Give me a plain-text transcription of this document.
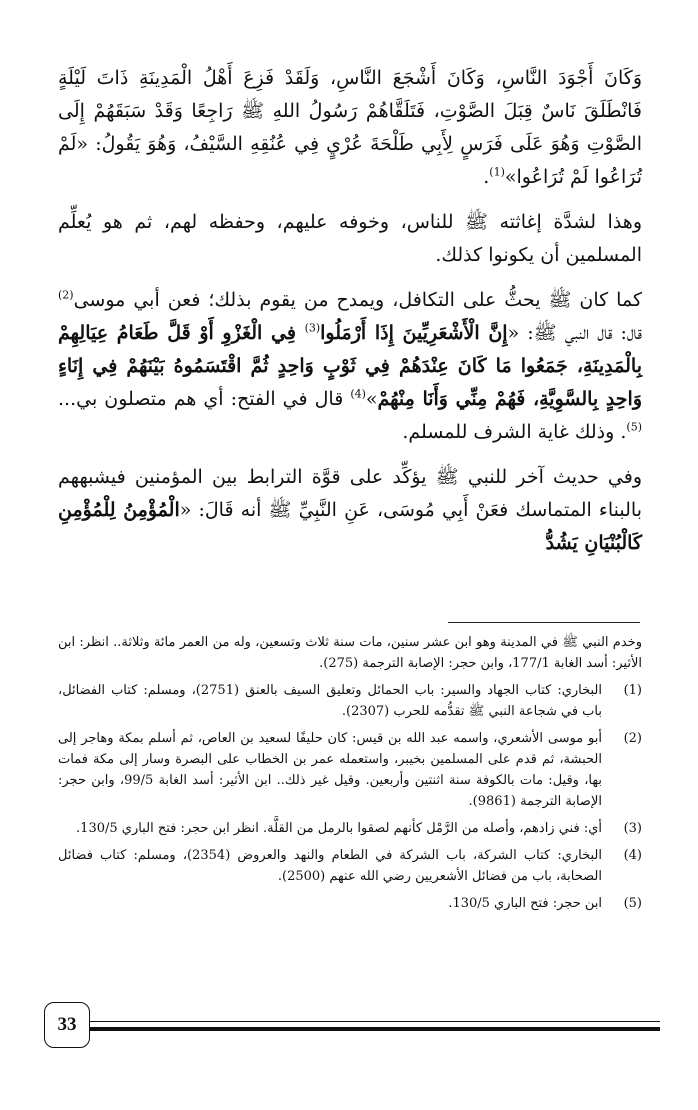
وَكَانَ أَجْوَدَ النَّاسِ، وَكَانَ أَشْجَعَ النَّاسِ، وَلَقَدْ فَزِعَ أَهْلُ الْمَدِينَةِ ذَاتَ لَيْلَةٍ فَانْطَلَقَ نَاسٌ قِبَلَ الصَّوْتِ، فَتَلَقَّاهُمْ رَسُولُ اللهِ ﷺ رَاجِعًا وَقَدْ سَبَقَهُمْ إِلَى الصَّوْتِ وَهُوَ عَلَى فَرَسٍ لِأَبِي طَلْحَةَ عُرْيٍ فِي عُنُقِهِ السَّيْفُ، وَهُوَ يَقُولُ: «لَمْ تُرَاعُوا لَمْ تُرَاعُوا»$^{(1)}$.

وهذا لشدَّة إغاثته ﷺ للناس، وخوفه عليهم، وحفظه لهم، ثم هو يُعلِّم المسلمين أن يكونوا كذلك.

كما كان ﷺ يحثُّ على التكافل، ويمدح من يقوم بذلك؛ فعن أبي موسى$^{(2)}$ قال: قال النبي ﷺ: «إِنَّ الْأَشْعَرِيِّينَ إِذَا أَرْمَلُوا$^{(3)}$ فِي الْغَزْوِ أَوْ قَلَّ طَعَامُ عِيَالِهِمْ بِالْمَدِينَةِ، جَمَعُوا مَا كَانَ عِنْدَهُمْ فِي ثَوْبٍ وَاحِدٍ ثُمَّ اقْتَسَمُوهُ بَيْنَهُمْ فِي إِنَاءٍ وَاحِدٍ بِالسَّوِيَّةِ، فَهُمْ مِنِّي وَأَنَا مِنْهُمْ»$^{(4)}$ قال في الفتح: أي هم متصلون بي...$^{(5)}$. وذلك غاية الشرف للمسلم.

وفي حديث آخر للنبي ﷺ يؤكِّد على قوَّة الترابط بين المؤمنين فيشبههم بالبناء المتماسك فعَنْ أَبِي مُوسَى، عَنِ النَّبِيِّ ﷺ أنه قَالَ: «الْمُؤْمِنُ لِلْمُؤْمِنِ كَالْبُنْيَانِ يَشُدُّ

وخدم النبي ﷺ في المدينة وهو ابن عشر سنين، مات سنة ثلاث وتسعين، وله من العمر مائة وثلاثة.. انظر: ابن الأثير: أسد الغابة 177/1، وابن حجر: الإصابة الترجمة (275).

(1)
البخاري: كتاب الجهاد والسير: باب الحمائل وتعليق السيف بالعنق (2751)، ومسلم: كتاب الفضائل، باب في شجاعة النبي ﷺ تقدُّمه للحرب (2307).
(2)
أبو موسى الأشعري، واسمه عبد الله بن قيس: كان حليفًا لسعيد بن العاص، ثم أسلم بمكة وهاجر إلى الحبشة، ثم قدم على المسلمين بخيبر، واستعمله عمر بن الخطاب على البصرة وسار إلى مكة فمات بها، وقيل: مات بالكوفة سنة اثنتين وأربعين. وقيل غير ذلك.. ابن الأثير: أسد الغابة 99/5، وابن حجر: الإصابة الترجمة (9861).
(3)
أي: فني زادهم، وأصله من الرَّمْل كأنهم لصقوا بالرمل من القلَّة. انظر ابن حجر: فتح الباري 130/5.
(4)
البخاري: كتاب الشركة، باب الشركة في الطعام والنهد والعروض (2354)، ومسلم: كتاب فضائل الصحابة، باب من فضائل الأشعريين رضي الله عنهم (2500).
(5)
ابن حجر: فتح الباري 130/5.
33
